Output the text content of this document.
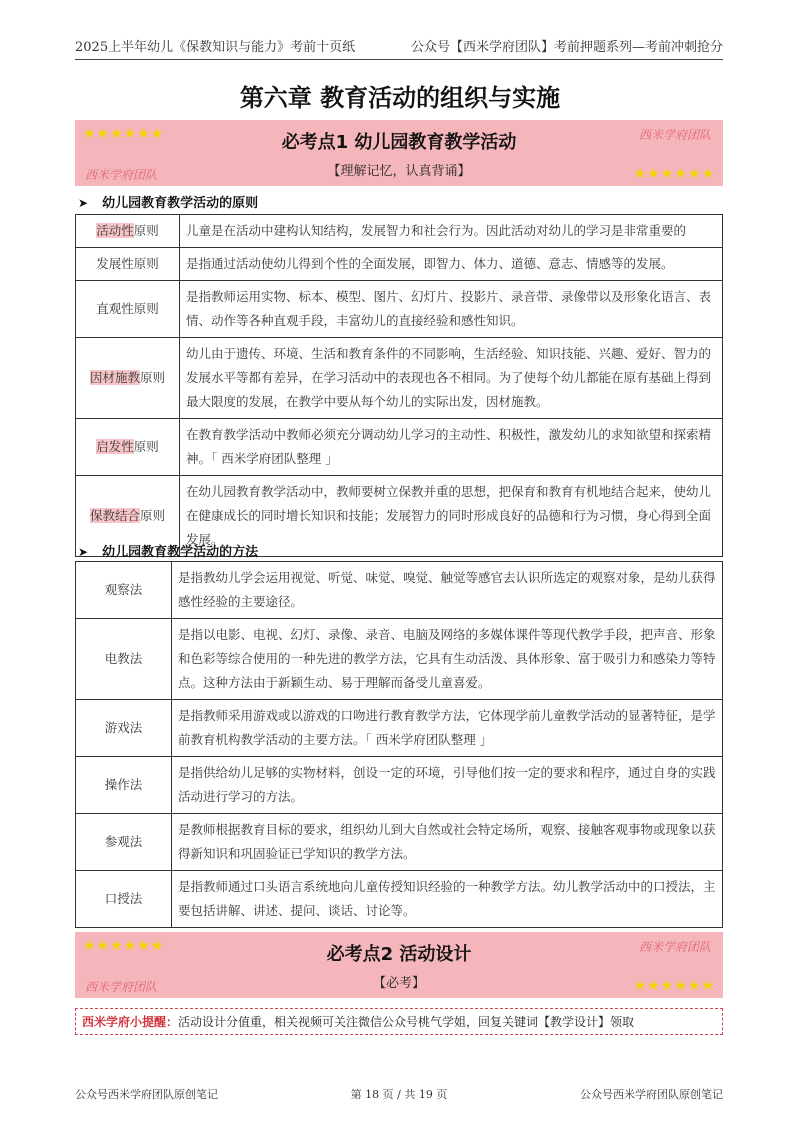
2025上半年幼儿《保教知识与能力》考前十页纸	公众号【西米学府团队】考前押题系列—考前冲刺抢分
第六章 教育活动的组织与实施
★★★★★★	西米学府团队
必考点1 幼儿园教育教学活动
【理解记忆，认真背诵】
西米学府团队	★★★★★★
➤ 幼儿园教育教学活动的原则
活动性原则	儿童是在活动中建构认知结构，发展智力和社会行为。因此活动对幼儿的学习是非常重要的
发展性原则	是指通过活动使幼儿得到个性的全面发展，即智力、体力、道德、意志、情感等的发展。
直观性原则	是指教师运用实物、标本、模型、图片、幻灯片、投影片、录音带、录像带以及形象化语言、表情、动作等各种直观手段，丰富幼儿的直接经验和感性知识。
因材施教原则	幼儿由于遗传、环境、生活和教育条件的不同影响，生活经验、知识技能、兴趣、爱好、智力的发展水平等都有差异，在学习活动中的表现也各不相同。为了使每个幼儿都能在原有基础上得到最大限度的发展，在教学中要从每个幼儿的实际出发，因材施教。
启发性原则	在教育教学活动中教师必须充分调动幼儿学习的主动性、积极性，激发幼儿的求知欲望和探索精神。「 西米学府团队整理 」
保教结合原则	在幼儿园教育教学活动中，教师要树立保教并重的思想，把保育和教育有机地结合起来，使幼儿在健康成长的同时增长知识和技能；发展智力的同时形成良好的品德和行为习惯，身心得到全面发展。
➤ 幼儿园教育教学活动的方法
观察法	是指教幼儿学会运用视觉、听觉、味觉、嗅觉、触觉等感官去认识所选定的观察对象，是幼儿获得感性经验的主要途径。
电教法	是指以电影、电视、幻灯、录像、录音、电脑及网络的多媒体课件等现代教学手段，把声音、形象和色彩等综合使用的一种先进的教学方法，它具有生动活泼、具体形象、富于吸引力和感染力等特点。这种方法由于新颖生动、易于理解而备受儿童喜爱。
游戏法	是指教师采用游戏或以游戏的口吻进行教育教学方法，它体现学前儿童教学活动的显著特征，是学前教育机构教学活动的主要方法。「 西米学府团队整理 」
操作法	是指供给幼儿足够的实物材料，创设一定的环境，引导他们按一定的要求和程序，通过自身的实践活动进行学习的方法。
参观法	是教师根据教育目标的要求，组织幼儿到大自然或社会特定场所，观察、接触客观事物或现象以获得新知识和巩固验证已学知识的教学方法。
口授法	是指教师通过口头语言系统地向儿童传授知识经验的一种教学方法。幼儿教学活动中的口授法，主要包括讲解、讲述、提问、谈话、讨论等。
★★★★★★	西米学府团队
必考点2 活动设计
【必考】
西米学府团队	★★★★★★
西米学府小提醒：活动设计分值重，相关视频可关注微信公众号桃气学姐，回复关键词【教学设计】领取
公众号西米学府团队原创笔记	第 18 页 / 共 19 页	公众号西米学府团队原创笔记
